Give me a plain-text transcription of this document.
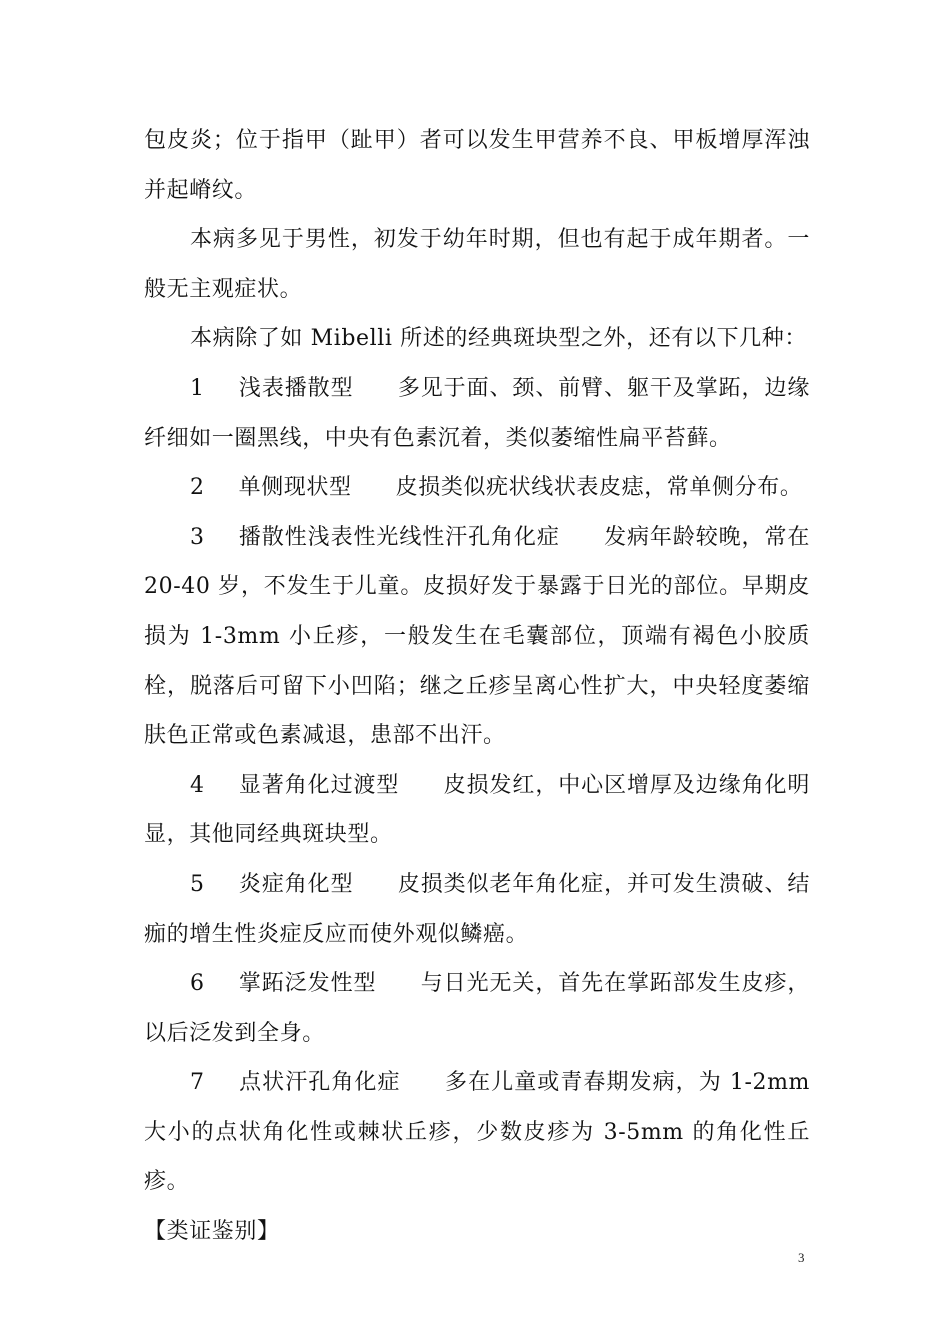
包皮炎；位于指甲（趾甲）者可以发生甲营养不良、甲板增厚浑浊并起嵴纹。

本病多见于男性，初发于幼年时期，但也有起于成年期者。一般无主观症状。

本病除了如 Mibelli 所述的经典斑块型之外，还有以下几种：

1 浅表播散型 多见于面、颈、前臂、躯干及掌跖，边缘纤细如一圈黑线，中央有色素沉着，类似萎缩性扁平苔藓。

2 单侧现状型 皮损类似疣状线状表皮痣，常单侧分布。

3 播散性浅表性光线性汗孔角化症 发病年龄较晚，常在 20-40 岁，不发生于儿童。皮损好发于暴露于日光的部位。早期皮损为 1-3mm 小丘疹，一般发生在毛囊部位，顶端有褐色小胶质栓，脱落后可留下小凹陷；继之丘疹呈离心性扩大，中央轻度萎缩肤色正常或色素减退，患部不出汗。

4 显著角化过渡型 皮损发红，中心区增厚及边缘角化明显，其他同经典斑块型。

5 炎症角化型 皮损类似老年角化症，并可发生溃破、结痂的增生性炎症反应而使外观似鳞癌。

6 掌跖泛发性型 与日光无关，首先在掌跖部发生皮疹，以后泛发到全身。

7 点状汗孔角化症 多在儿童或青春期发病，为 1-2mm 大小的点状角化性或棘状丘疹，少数皮疹为 3-5mm 的角化性丘疹。

【类证鉴别】

3
